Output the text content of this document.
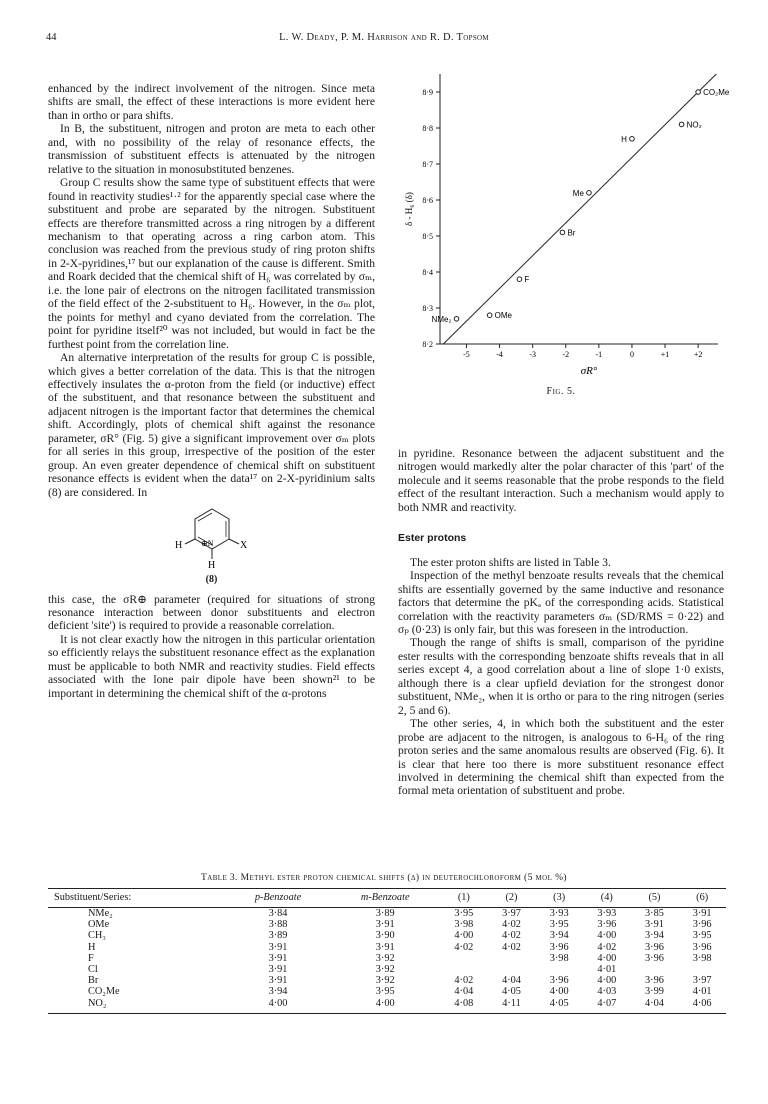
44	L. W. Deady, P. M. Harrison and R. D. Topsom

enhanced by the indirect involvement of the nitrogen. Since meta shifts are small, the effect of these interactions is more evident here than in ortho or para shifts.

In B, the substituent, nitrogen and proton are meta to each other and, with no possibility of the relay of resonance effects, the transmission of substituent effects is attenuated by the nitrogen relative to the situation in monosubstituted benzenes.

Group C results show the same type of substituent effects that were found in reactivity studies¹·² for the apparently special case where the substituent and probe are separated by the nitrogen. Substituent effects are therefore transmitted across a ring nitrogen by a different mechanism to that operating across a ring carbon atom. This conclusion was reached from the previous study of ring proton shifts in 2-X-pyridines,¹⁷ but our explanation of the cause is different. Smith and Roark decided that the chemical shift of H₆ was correlated by σₘ, i.e. the lone pair of electrons on the nitrogen facilitated transmission of the field effect of the 2-substituent to H₆. However, in the σₘ plot, the points for methyl and cyano deviated from the correlation. The point for pyridine itself²⁰ was not included, but would in fact be the furthest point from the correlation line.

An alternative interpretation of the results for group C is possible, which gives a better correlation of the data. This is that the nitrogen effectively insulates the α-proton from the field (or inductive) effect of the substituent, and that resonance between the substituent and adjacent nitrogen is the important factor that determines the chemical shift. Accordingly, plots of chemical shift against the resonance parameter, σR° (Fig. 5) give a significant improvement over σₘ plots for all series in this group, irrespective of the position of the ester group. An even greater dependence of chemical shift on substituent resonance effects is evident when the data¹⁷ on 2-X-pyridinium salts (8) are considered. In

H ⊕N	X
H
(8)

this case, the σR⊕ parameter (required for situations of strong resonance interaction between donor substituents and electron deficient 'site') is required to provide a reasonable correlation.

It is not clear exactly how the nitrogen in this particular orientation so efficiently relays the substituent resonance effect as the explanation must be applicable to both NMR and reactivity studies. Field effects associated with the lone pair dipole have been shown²¹ to be important in determining the chemical shift of the α-protons

8·2
8·3
8·4
8·5
8·6
8·7
8·8
8·9
-5	-4	-3	-2	-1	0	+1	+2
δ - H₆ (δ)
σR°
NMe₂	OMe
F
Br
Me
H
NO₂
CO₂Me
Fig. 5.

in pyridine. Resonance between the adjacent substituent and the nitrogen would markedly alter the polar character of this 'part' of the molecule and it seems reasonable that the probe responds to the field effect of the resultant interaction. Such a mechanism would apply to both NMR and reactivity.

Ester protons

The ester proton shifts are listed in Table 3.

Inspection of the methyl benzoate results reveals that the chemical shifts are essentially governed by the same inductive and resonance factors that determine the pKₐ of the corresponding acids. Statistical correlation with the reactivity parameters σₘ (SD/RMS = 0·22) and σₚ (0·23) is only fair, but this was foreseen in the introduction.

Though the range of shifts is small, comparison of the pyridine ester results with the corresponding benzoate shifts reveals that in all series except 4, a good correlation about a line of slope 1·0 exists, although there is a clear upfield deviation for the strongest donor substituent, NMe₂, when it is ortho or para to the ring nitrogen (series 2, 5 and 6).

The other series, 4, in which both the substituent and the ester probe are adjacent to the nitrogen, is analogous to 6-H₆ of the ring proton series and the same anomalous results are observed (Fig. 6). It is clear that here too there is more substituent resonance effect involved in determining the chemical shift than expected from the formal meta orientation of substituent and probe.

Table 3. Methyl ester proton chemical shifts (δ) in deuterochloroform (5 mol %)
Substituent/Series:	p-Benzoate	m-Benzoate	(1)	(2)	(3)	(4)	(5)	(6)
NMe₂	3·84	3·89	3·95	3·97	3·93	3·93	3·85	3·91
OMe	3·88	3·91	3·98	4·02	3·95	3·96	3·91	3·96
CH₃	3·89	3·90	4·00	4·02	3·94	4·00	3·94	3·95
H	3·91	3·91	4·02	4·02	3·96	4·02	3·96	3·96
F	3·91	3·92			3·98	4·00	3·96	3·98
Cl	3·91	3·92				4·01		
Br	3·91	3·92	4·02	4·04	3·96	4·00	3·96	3·97
CO₂Me	3·94	3·95	4·04	4·05	4·00	4·03	3·99	4·01
NO₂	4·00	4·00	4·08	4·11	4·05	4·07	4·04	4·06
